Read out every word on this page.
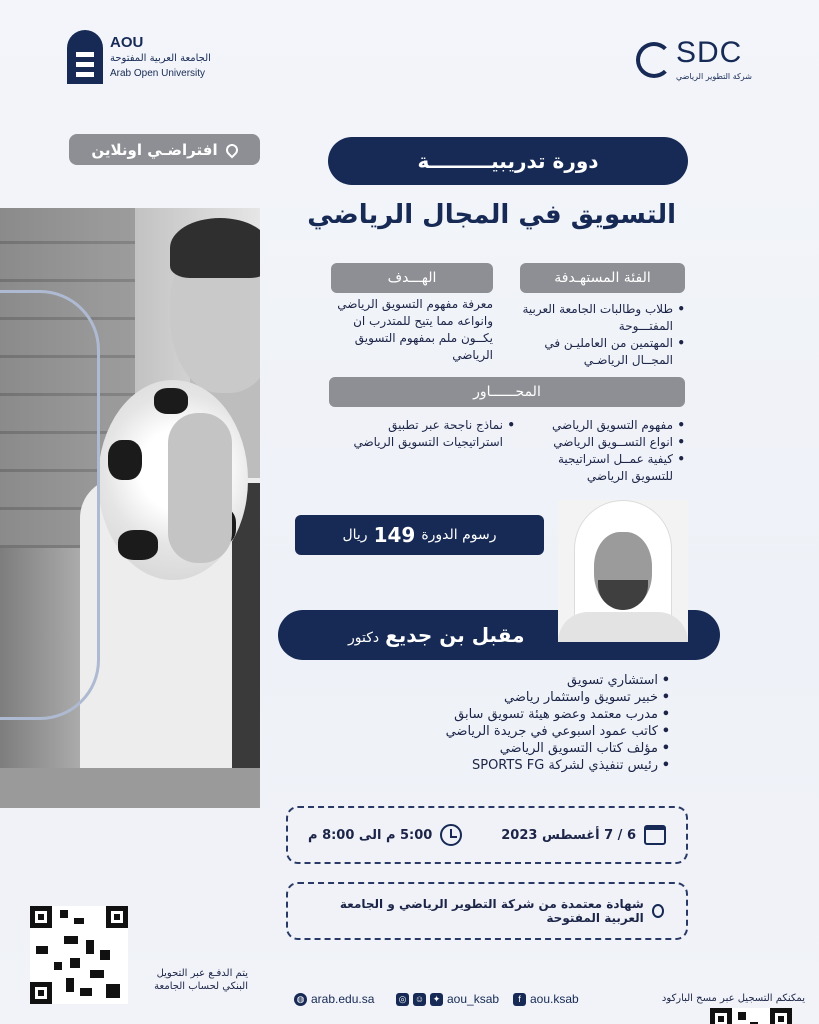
AOU
الجامعة العربية المفتوحة
Arab Open University
SDC
شركة التطوير الرياضي
افتراضـي اونلاين	دورة تدريبيـــــــــة
التسويق في المجال الرياضي
الفئة المستهـدفة
• طلاب وطالبات الجامعة العربية المفتـــوحة
• المهتمين من العامليـن في المجــال الرياضـي
الهـــدف
معرفة مفهوم التسويق الرياضي وانواعه مما يتيح للمتدرب ان يكــون ملم بمفهوم التسويق الرياضي
المحــــــاور
• مفهوم التسويق الرياضي
• انواع التســويق الرياضي
• كيفية عمــل استراتيجية للتسويق الرياضي
• نماذج ناجحة عبر تطبيق استراتيجيات التسويق الرياضي
رسوم الدورة
149
ريال
مقبل بن جديع
دكتور
• استشاري تسويق
• خبير تسويق واستثمار رياضي
• مدرب معتمد وعضو هيئة تسويق سابق
• كاتب عمود اسبوعي في جريدة الرياضي
• مؤلف كتاب التسويق الرياضي
• رئيس تنفيذي لشركة SPORTS FG
6 / 7 أغسطس 2023
5:00 م الى 8:00 م
شهادة معتمدة من شركة التطوير الرياضي و الجامعة العربية المفتوحة
يتم الدفـع عبر التحويل البنكي لحساب الجامعة
يمكنكم التسجيل عبر مسح الباركود
◍ arab.edu.sa	◎ ☺ ✦ aou_ksab	f aou.ksab
